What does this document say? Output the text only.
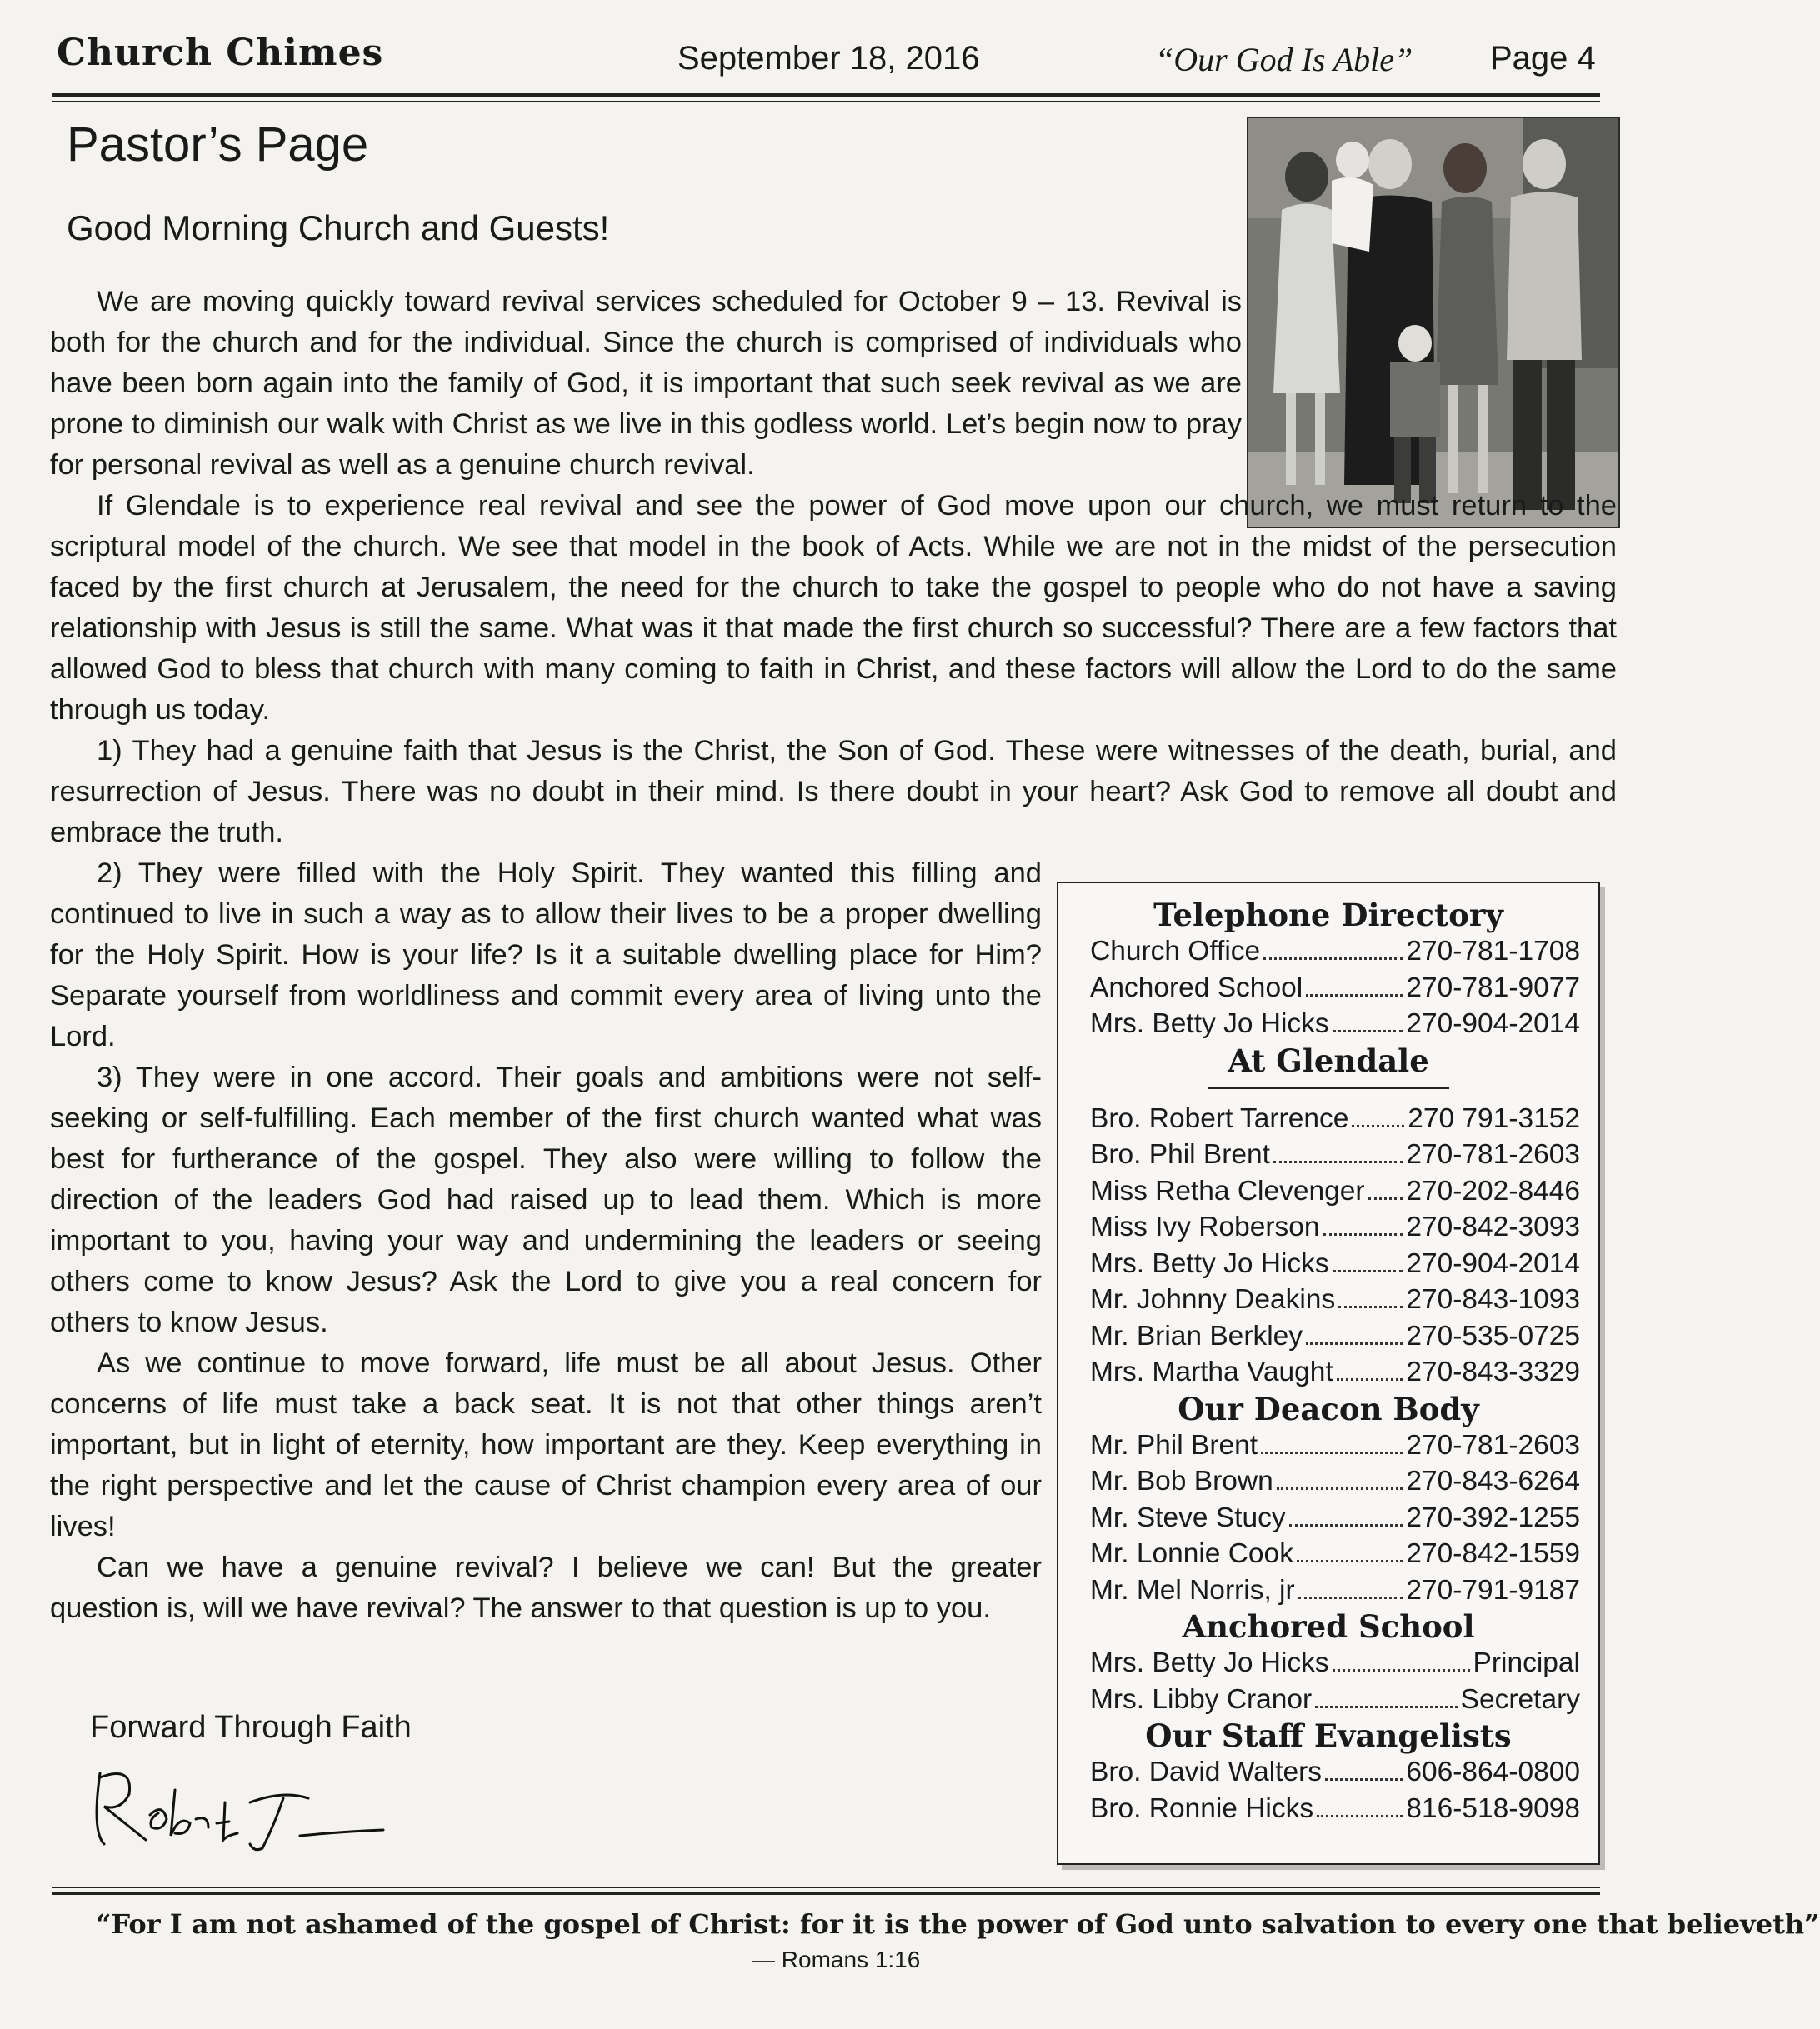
Church Chimes	September 18, 2016	“Our God Is Able” Page 4
Pastor’s Page
Good Morning Church and Guests!

We are moving quickly toward revival services scheduled for October 9 – 13. Revival is both for the church and for the individual. Since the church is comprised of individuals who have been born again into the family of God, it is important that such seek revival as we are prone to diminish our walk with Christ as we live in this godless world. Let’s begin now to pray for personal revival as well as a genuine church revival.

If Glendale is to experience real revival and see the power of God move upon our church, we must return to the scriptural model of the church. We see that model in the book of Acts. While we are not in the midst of the persecution faced by the first church at Jerusalem, the need for the church to take the gospel to people who do not have a saving relationship with Jesus is still the same. What was it that made the first church so successful? There are a few factors that allowed God to bless that church with many coming to faith in Christ, and these factors will allow the Lord to do the same through us today.

1) They had a genuine faith that Jesus is the Christ, the Son of God. These were witnesses of the death, burial, and resurrection of Jesus. There was no doubt in their mind. Is there doubt in your heart? Ask God to remove all doubt and embrace the truth.

2) They were filled with the Holy Spirit. They wanted this filling and continued to live in such a way as to allow their lives to be a proper dwelling for the Holy Spirit. How is your life? Is it a suitable dwelling place for Him? Separate yourself from worldliness and commit every area of living unto the Lord.

3) They were in one accord. Their goals and ambitions were not self-seeking or self-fulfilling. Each member of the first church wanted what was best for furtherance of the gospel. They also were willing to follow the direction of the leaders God had raised up to lead them. Which is more important to you, having your way and undermining the leaders or seeing others come to know Jesus? Ask the Lord to give you a real concern for others to know Jesus.

As we continue to move forward, life must be all about Jesus. Other concerns of life must take a back seat. It is not that other things aren’t important, but in light of eternity, how important are they. Keep everything in the right perspective and let the cause of Christ champion every area of our lives!

Can we have a genuine revival? I believe we can! But the greater question is, will we have revival? The answer to that question is up to you.

Forward Through Faith
Telephone Directory
Church Office	270-781-1708
Anchored School	270-781-9077
Mrs. Betty Jo Hicks	270-904-2014
At Glendale
Bro. Robert Tarrence 270 791-3152
Bro. Phil Brent	270-781-2603
Miss Retha Clevenger 270-202-8446
Miss Ivy Roberson	270-842-3093
Mrs. Betty Jo Hicks	270-904-2014
Mr. Johnny Deakins	270-843-1093
Mr. Brian Berkley	270-535-0725
Mrs. Martha Vaught	270-843-3329
Our Deacon Body
Mr. Phil Brent	270-781-2603
Mr. Bob Brown	270-843-6264
Mr. Steve Stucy	270-392-1255
Mr. Lonnie Cook	270-842-1559
Mr. Mel Norris, jr	270-791-9187
Anchored School
Mrs. Betty Jo Hicks	Principal
Mrs. Libby Cranor	Secretary
Our Staff Evangelists
Bro. David Walters	606-864-0800
Bro. Ronnie Hicks	816-518-9098
“For I am not ashamed of the gospel of Christ: for it is the power of God unto salvation to every one that believeth”
— Romans 1:16
